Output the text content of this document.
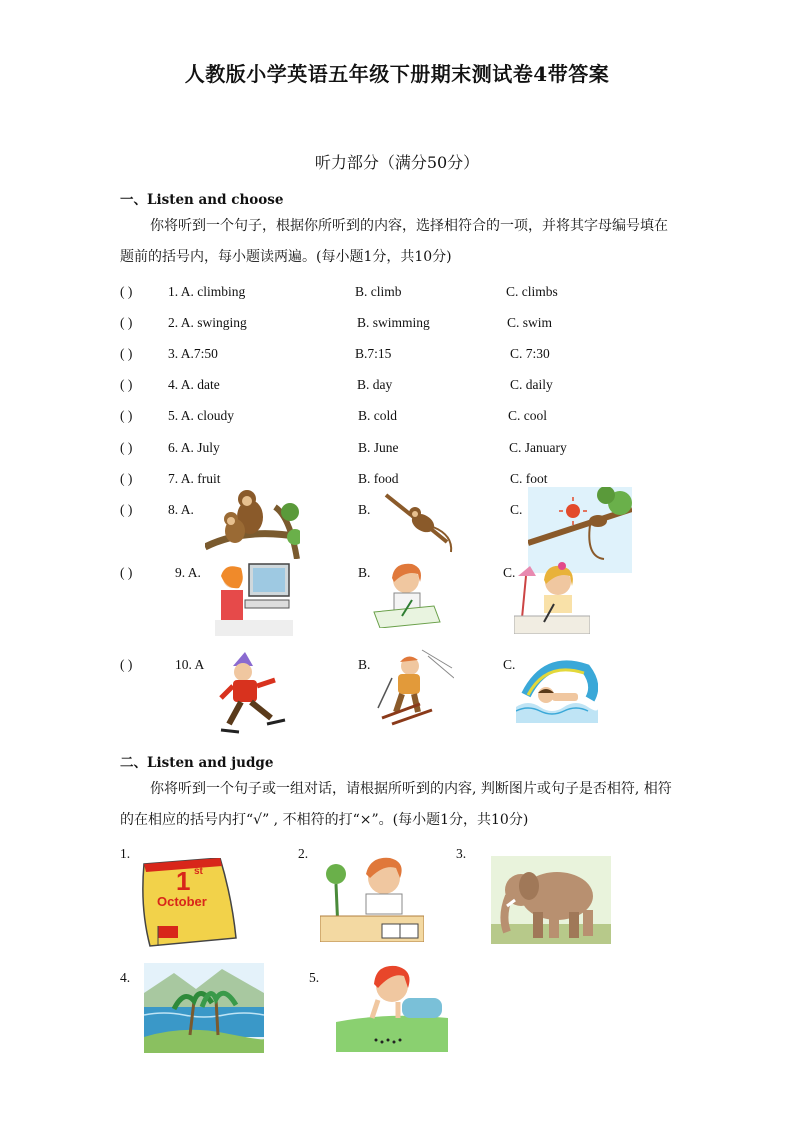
人教版小学英语五年级下册期末测试卷4带答案
听力部分（满分50分）
一、Listen and choose
你将听到一个句子，根据你所听到的内容，选择相符合的一项，并将其字母编号填在题前的括号内，每小题读两遍。(每小题1分，共10分)
( )	1. A. climbing	B. climb	C. climbs
( )	2. A. swinging	B. swimming	C. swim
( )	3. A.7:50	B.7:15	C. 7:30
( )	4. A. date	B. day	C. daily
( )	5. A. cloudy	B. cold	C. cool
( )	6. A. July	B. June	C. January
( )	7. A. fruit	B. food	C. foot
( )	8. A.	B.	C.
( )	9. A.	B.	C.
( )	10. A	B.	C.
二、Listen and judge
你将听到一个句子或一组对话，请根据所听到的内容, 判断图片或句子是否相符, 相符的在相应的括号内打“√” , 不相符的打“×”。(每小题1分，共10分)
1.	2.	3.
4.	5.
1 st
October
